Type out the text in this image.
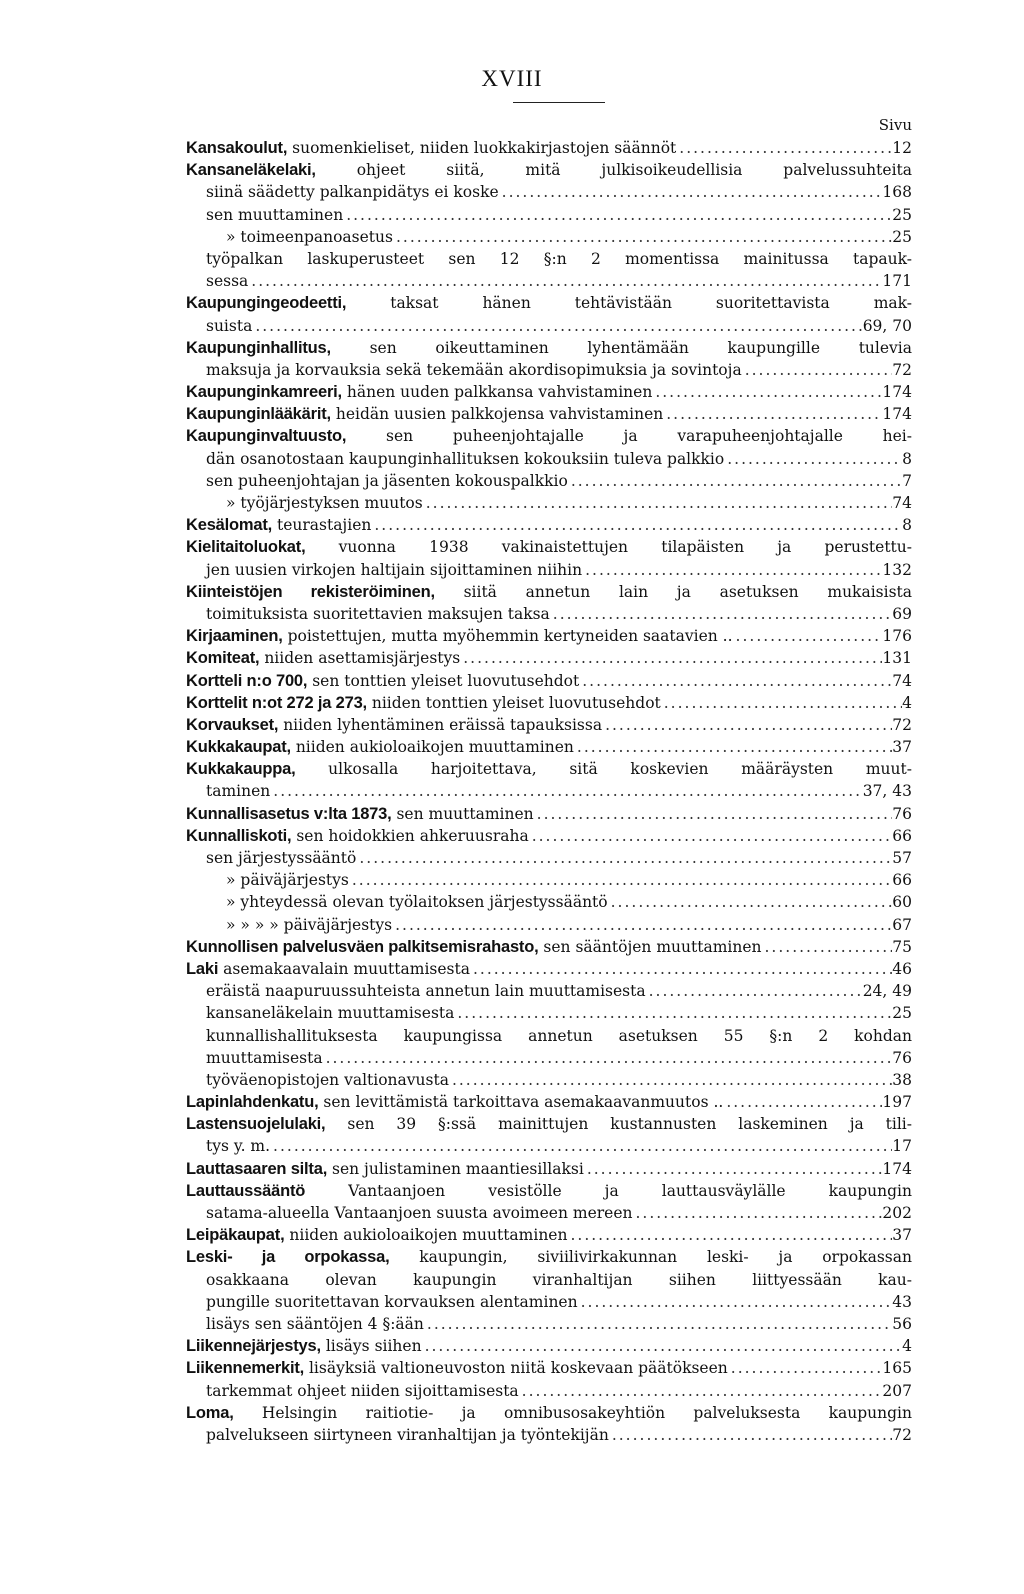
XVIII
Sivu
Kansakoulut, suomenkieliset, niiden luokkakirjastojen säännöt .....	12
Kansaneläkelaki, ohjeet siitä, mitä julkisoikeudellisia palvelussuhteita
siinä säädetty palkanpidätys ei koske .....	168
sen muuttaminen .....	25
» toimeenpanoasetus .....	25
työpalkan laskuperusteet sen 12 §:n 2 momentissa mainitussa tapauk-
sessa .....	171
Kaupungingeodeetti, taksat hänen tehtävistään suoritettavista mak-
suista .....	69, 70
Kaupunginhallitus, sen oikeuttaminen lyhentämään kaupungille tulevia
maksuja ja korvauksia sekä tekemään akordisopimuksia ja sovintoja .....	72
Kaupunginkamreeri, hänen uuden palkkansa vahvistaminen .....	174
Kaupunginlääkärit, heidän uusien palkkojensa vahvistaminen .....	174
Kaupunginvaltuusto, sen puheenjohtajalle ja varapuheenjohtajalle hei-
dän osanotostaan kaupunginhallituksen kokouksiin tuleva palkkio .....	8
sen puheenjohtajan ja jäsenten kokouspalkkio .....	7
» työjärjestyksen muutos .....	74
Kesälomat, teurastajien .....	8
Kielitaitoluokat, vuonna 1938 vakinaistettujen tilapäisten ja perustettu-
jen uusien virkojen haltijain sijoittaminen niihin .....	132
Kiinteistöjen rekisteröiminen, siitä annetun lain ja asetuksen mukaisista
toimituksista suoritettavien maksujen taksa .....	69
Kirjaaminen, poistettujen, mutta myöhemmin kertyneiden saatavien .. .....	176
Komiteat, niiden asettamisjärjestys .....	131
Kortteli n:o 700, sen tonttien yleiset luovutusehdot .....	74
Korttelit n:ot 272 ja 273, niiden tonttien yleiset luovutusehdot .....	4
Korvaukset, niiden lyhentäminen eräissä tapauksissa .....	72
Kukkakaupat, niiden aukioloaikojen muuttaminen .....	37
Kukkakauppa, ulkosalla harjoitettava, sitä koskevien määräysten muut-
taminen .....	37, 43
Kunnallisasetus v:lta 1873, sen muuttaminen .....	76
Kunnalliskoti, sen hoidokkien ahkeruusraha .....	66
sen järjestyssääntö .....	57
» päiväjärjestys .....	66
» yhteydessä olevan työlaitoksen järjestyssääntö .....	60
» » » » päiväjärjestys .....	67
Kunnollisen palvelusväen palkitsemisrahasto, sen sääntöjen muuttaminen .....	75
Laki asemakaavalain muuttamisesta .....	46
eräistä naapuruussuhteista annetun lain muuttamisesta .....	24, 49
kansaneläkelain muuttamisesta .....	25
kunnallishallituksesta kaupungissa annetun asetuksen 55 §:n 2 kohdan
muuttamisesta .....	76
työväenopistojen valtionavusta .....	38
Lapinlahdenkatu, sen levittämistä tarkoittava asemakaavanmuutos .. .....	197
Lastensuojelulaki, sen 39 §:ssä mainittujen kustannusten laskeminen ja tili-
tys y. m. .....	17
Lauttasaaren silta, sen julistaminen maantiesillaksi .....	174
Lauttaussääntö Vantaanjoen vesistölle ja lauttausväylälle kaupungin
satama-alueella Vantaanjoen suusta avoimeen mereen .....	202
Leipäkaupat, niiden aukioloaikojen muuttaminen .....	37
Leski- ja orpokassa, kaupungin, siviilivirkakunnan leski- ja orpokassan
osakkaana olevan kaupungin viranhaltijan siihen liittyessään kau-
pungille suoritettavan korvauksen alentaminen .....	43
lisäys sen sääntöjen 4 §:ään .....	56
Liikennejärjestys, lisäys siihen .....	4
Liikennemerkit, lisäyksiä valtioneuvoston niitä koskevaan päätökseen .....	165
tarkemmat ohjeet niiden sijoittamisesta .....	207
Loma, Helsingin raitiotie- ja omnibusosakeyhtiön palveluksesta kaupungin
palvelukseen siirtyneen viranhaltijan ja työntekijän .....	72
